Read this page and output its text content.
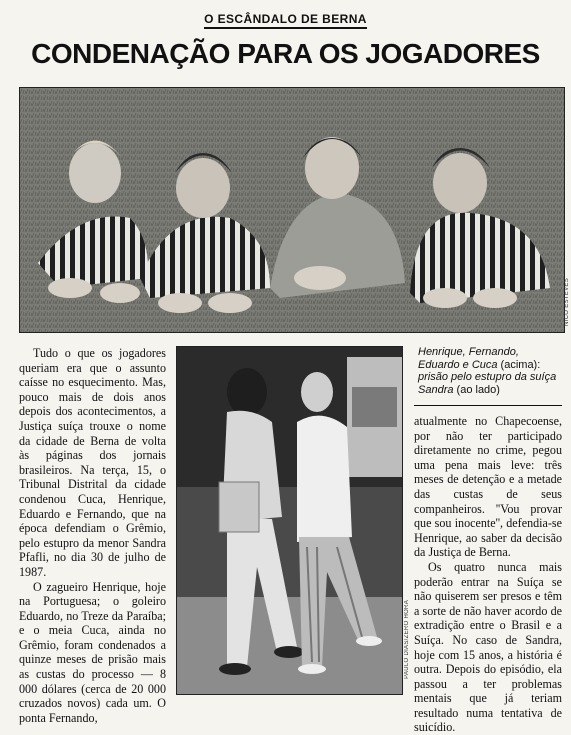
O ESCÂNDALO DE BERNA
CONDENAÇÃO PARA OS JOGADORES
NICO ESTEVES

Tudo o que os jogadores queriam era que o assunto caísse no esquecimento. Mas, pouco mais de dois anos depois dos acontecimentos, a Justiça suíça trouxe o nome da cidade de Berna de volta às páginas dos jornais brasileiros. Na terça, 15, o Tribunal Distrital da cidade condenou Cuca, Henrique, Eduardo e Fernando, que na época defendiam o Grêmio, pelo estupro da menor Sandra Pfafli, no dia 30 de julho de 1987.

O zagueiro Henrique, hoje na Portuguesa; o goleiro Eduardo, no Treze da Paraíba; e o meia Cuca, ainda no Grêmio, foram condenados a quinze meses de prisão mais as custas do processo — 8 000 dólares (cerca de 20 000 cruzados novos) cada um. O ponta Fernando,

PAULO DIAS/ZERO HORA
Henrique, Fernando, Eduardo e Cuca (acima):
prisão pelo estupro da suíça Sandra (ao lado)

atualmente no Chapecoense, por não ter participado diretamente no crime, pegou uma pena mais leve: três meses de detenção e a metade das custas de seus companheiros. ''Vou provar que sou inocente'', defendia-se Henrique, ao saber da decisão da Justiça de Berna.

Os quatro nunca mais poderão entrar na Suíça se não quiserem ser presos e têm a sorte de não haver acordo de extradição entre o Brasil e a Suíça. No caso de Sandra, hoje com 15 anos, a história é outra. Depois do episódio, ela passou a ter problemas mentais que já teriam resultado numa tentativa de suicídio.
